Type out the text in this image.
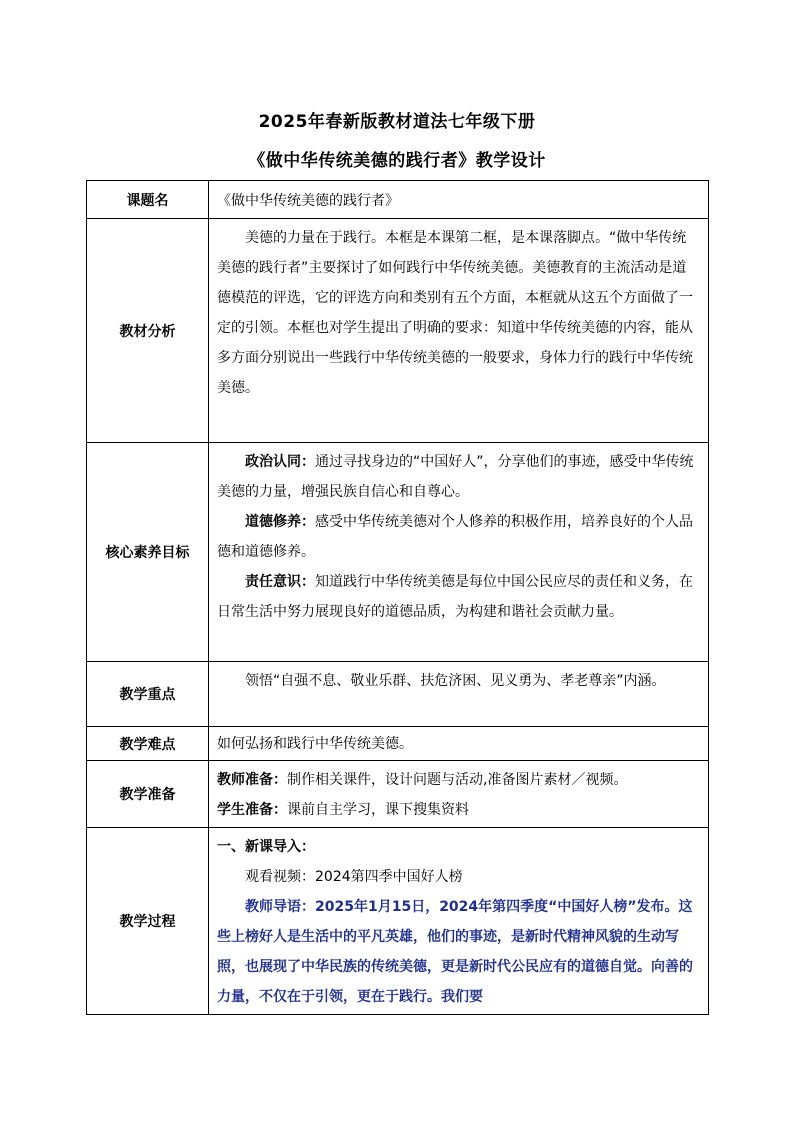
2025年春新版教材道法七年级下册
《做中华传统美德的践行者》教学设计
课题名	《做中华传统美德的践行者》

教材分析	美德的力量在于践行。本框是本课第二框，是本课落脚点。“做中华传统美德的践行者”主要探讨了如何践行中华传统美德。美德教育的主流活动是道德模范的评选，它的评选方向和类别有五个方面，本框就从这五个方面做了一定的引领。本框也对学生提出了明确的要求：知道中华传统美德的内容，能从多方面分别说出一些践行中华传统美德的一般要求，身体力行的践行中华传统美德。

核心素养目标	政治认同：通过寻找身边的“中国好人”，分享他们的事迹，感受中华传统美德的力量，增强民族自信心和自尊心。

道德修养：感受中华传统美德对个人修养的积极作用，培养良好的个人品德和道德修养。

责任意识：知道践行中华传统美德是每位中国公民应尽的责任和义务，在日常生活中努力展现良好的道德品质，为构建和谐社会贡献力量。

教学重点	领悟“自强不息、敬业乐群、扶危济困、见义勇为、孝老尊亲”内涵。

教学难点	如何弘扬和践行中华传统美德。

教学准备	教师准备：制作相关课件，设计问题与活动,准备图片素材／视频。

学生准备：课前自主学习，课下搜集资料

教学过程	一、新课导入：

观看视频：2024第四季中国好人榜

教师导语：2025年1月15日，2024年第四季度“中国好人榜”发布。这些上榜好人是生活中的平凡英雄，他们的事迹，是新时代精神风貌的生动写照，也展现了中华民族的传统美德，更是新时代公民应有的道德自觉。向善的力量，不仅在于引领，更在于践行。我们要
